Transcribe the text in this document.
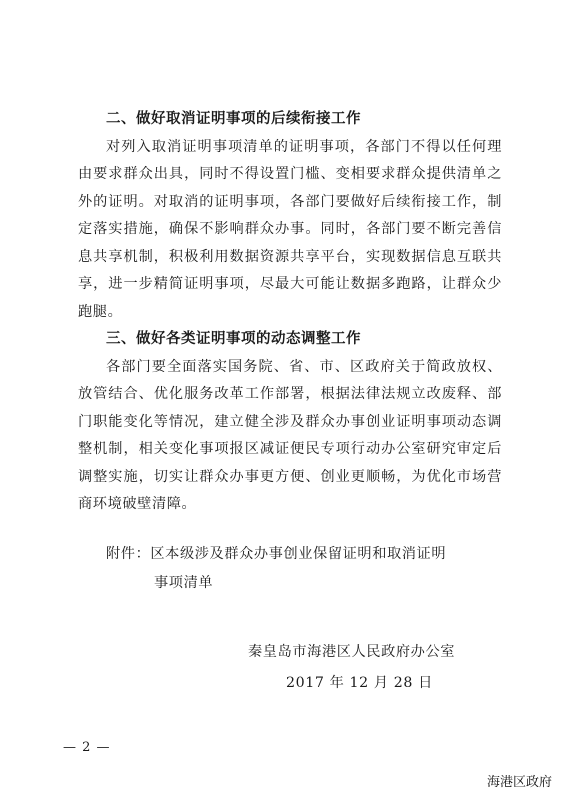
二、做好取消证明事项的后续衔接工作

对列入取消证明事项清单的证明事项，各部门不得以任何理由要求群众出具，同时不得设置门槛、变相要求群众提供清单之外的证明。对取消的证明事项，各部门要做好后续衔接工作，制定落实措施，确保不影响群众办事。同时，各部门要不断完善信息共享机制，积极利用数据资源共享平台，实现数据信息互联共享，进一步精简证明事项，尽最大可能让数据多跑路，让群众少跑腿。

三、做好各类证明事项的动态调整工作

各部门要全面落实国务院、省、市、区政府关于简政放权、放管结合、优化服务改革工作部署，根据法律法规立改废释、部门职能变化等情况，建立健全涉及群众办事创业证明事项动态调整机制，相关变化事项报区减证便民专项行动办公室研究审定后调整实施，切实让群众办事更方便、创业更顺畅，为优化市场营商环境破壁清障。

附件：区本级涉及群众办事创业保留证明和取消证明
事项清单
秦皇岛市海港区人民政府办公室
2017 年 12 月 28 日
— 2 —
海港区政府
